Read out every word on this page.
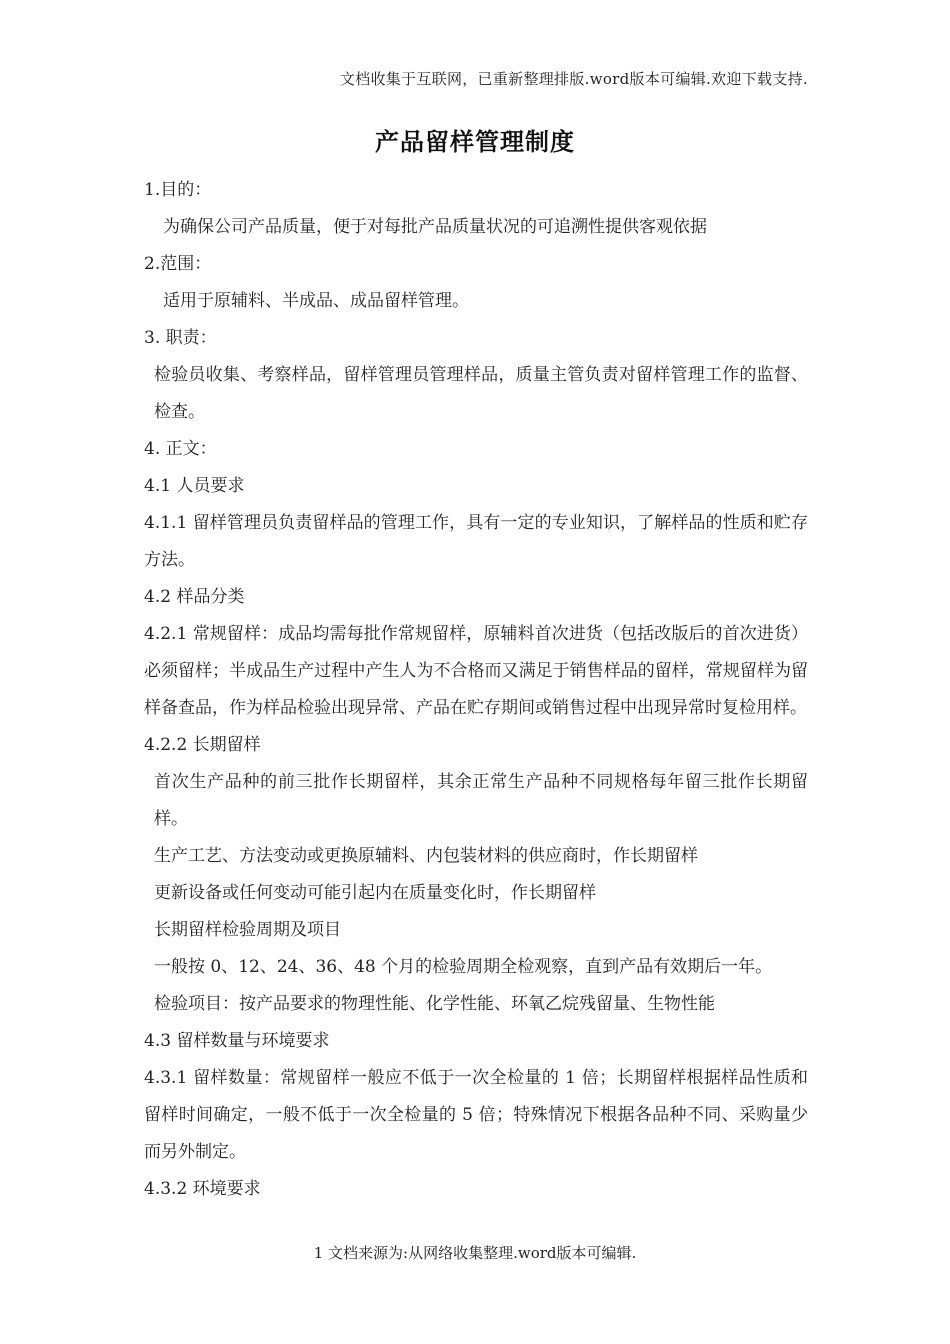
文档收集于互联网，已重新整理排版.word版本可编辑.欢迎下载支持.
产品留样管理制度
1.目的：
为确保公司产品质量，便于对每批产品质量状况的可追溯性提供客观依据
2.范围：
适用于原辅料、半成品、成品留样管理。
3. 职责：
检验员收集、考察样品，留样管理员管理样品，质量主管负责对留样管理工作的监督、检查。
4. 正文：
4.1 人员要求
4.1.1 留样管理员负责留样品的管理工作，具有一定的专业知识，了解样品的性质和贮存方法。
4.2 样品分类
4.2.1 常规留样：成品均需每批作常规留样，原辅料首次进货（包括改版后的首次进货）必须留样；半成品生产过程中产生人为不合格而又满足于销售样品的留样，常规留样为留样备查品，作为样品检验出现异常、产品在贮存期间或销售过程中出现异常时复检用样。
4.2.2 长期留样
首次生产品种的前三批作长期留样，其余正常生产品种不同规格每年留三批作长期留样。
生产工艺、方法变动或更换原辅料、内包装材料的供应商时，作长期留样
更新设备或任何变动可能引起内在质量变化时，作长期留样
长期留样检验周期及项目
一般按 0、12、24、36、48 个月的检验周期全检观察，直到产品有效期后一年。
检验项目：按产品要求的物理性能、化学性能、环氧乙烷残留量、生物性能
4.3 留样数量与环境要求
4.3.1 留样数量：常规留样一般应不低于一次全检量的 1 倍；长期留样根据样品性质和留样时间确定，一般不低于一次全检量的 5 倍；特殊情况下根据各品种不同、采购量少而另外制定。
4.3.2 环境要求
1 文档来源为:从网络收集整理.word版本可编辑.
